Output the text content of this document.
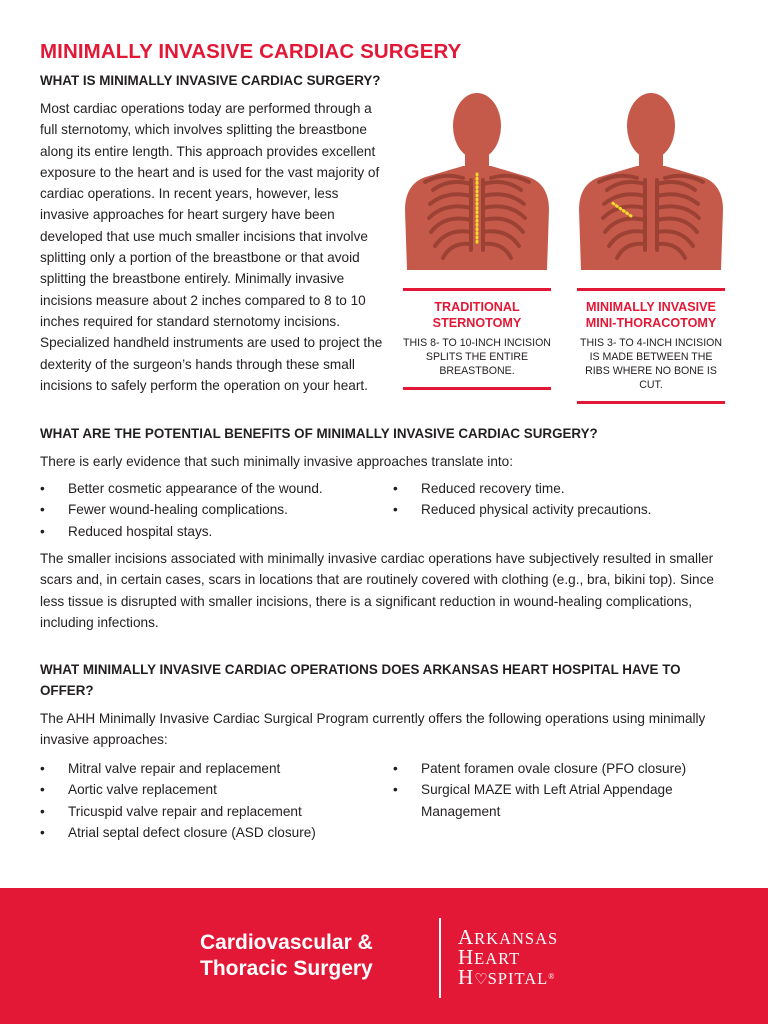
MINIMALLY INVASIVE CARDIAC SURGERY
WHAT IS MINIMALLY INVASIVE CARDIAC SURGERY?
Most cardiac operations today are performed through a full sternotomy, which involves splitting the breastbone along its entire length. This approach provides excellent exposure to the heart and is used for the vast majority of cardiac operations. In recent years, however, less invasive approaches for heart surgery have been developed that use much smaller incisions that involve splitting only a portion of the breastbone or that avoid splitting the breastbone entirely. Minimally invasive incisions measure about 2 inches compared to 8 to 10 inches required for standard sternotomy incisions. Specialized handheld instruments are used to project the dexterity of the surgeon’s hands through these small incisions to safely perform the operation on your heart.
TRADITIONAL
STERNOTOMY
THIS 8- TO 10-INCH INCISION SPLITS THE ENTIRE BREASTBONE.
MINIMALLY INVASIVE
MINI-THORACOTOMY
THIS 3- TO 4-INCH INCISION IS MADE BETWEEN THE RIBS WHERE NO BONE IS CUT.
WHAT ARE THE POTENTIAL BENEFITS OF MINIMALLY INVASIVE CARDIAC SURGERY?
There is early evidence that such minimally invasive approaches translate into:
• Better cosmetic appearance of the wound.
• Fewer wound-healing complications.
• Reduced hospital stays.
• Reduced recovery time.
• Reduced physical activity precautions.
The smaller incisions associated with minimally invasive cardiac operations have subjectively resulted in smaller scars and, in certain cases, scars in locations that are routinely covered with clothing (e.g., bra, bikini top). Since less tissue is disrupted with smaller incisions, there is a significant reduction in wound-healing complications, including infections.
WHAT MINIMALLY INVASIVE CARDIAC OPERATIONS DOES ARKANSAS HEART HOSPITAL HAVE TO OFFER?
The AHH Minimally Invasive Cardiac Surgical Program currently offers the following operations using minimally invasive approaches:
• Mitral valve repair and replacement
• Aortic valve replacement
• Tricuspid valve repair and replacement
• Atrial septal defect closure (ASD closure)
• Patent foramen ovale closure (PFO closure)
• Surgical MAZE with Left Atrial Appendage Management
Cardiovascular &
Thoracic Surgery
ARKANSAS
HEART
H♡SPITAL®
